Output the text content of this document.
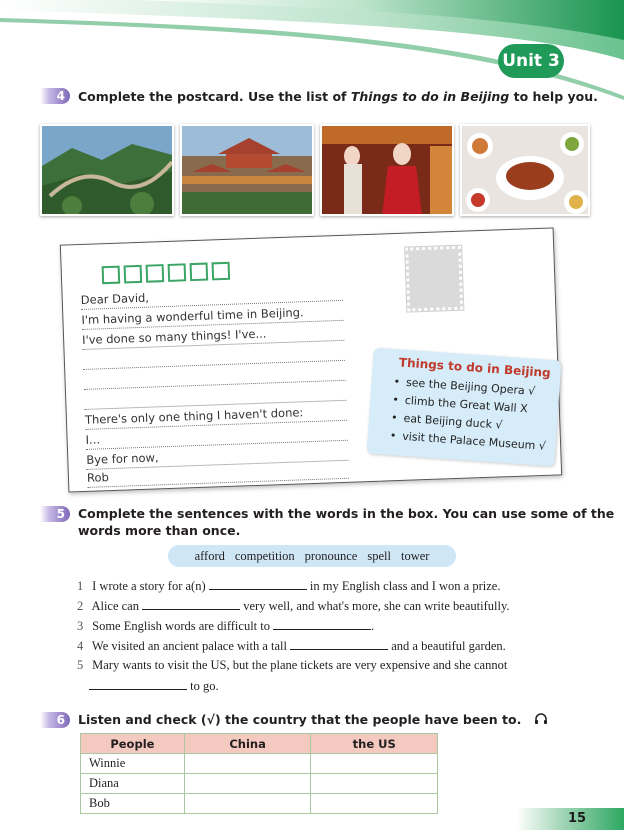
Unit 3
4	Complete the postcard. Use the list of Things to do in Beijing to help you.
Dear David,
I'm having a wonderful time in Beijing.
I've done so many things! I've...
There's only one thing I haven't done:
I...
Bye for now,
Rob
Things to do in Beijing
• see the Beijing Opera √
• climb the Great Wall X
• eat Beijing duck √
• visit the Palace Museum √
5	Complete the sentences with the words in the box. You can use some of the
words more than once.
afford competition pronounce spell tower
1 I wrote a story for a(n)	in my English class and I won a prize.
2 Alice can	very well, and what's more, she can write beautifully.
3 Some English words are difficult to	.
4 We visited an ancient palace with a tall	and a beautiful garden.
5 Mary wants to visit the US, but the plane tickets are very expensive and she cannot
to go.
6	Listen and check (√) the country that the people have been to.
People	China	the US
Winnie		
Diana		
Bob		
15
